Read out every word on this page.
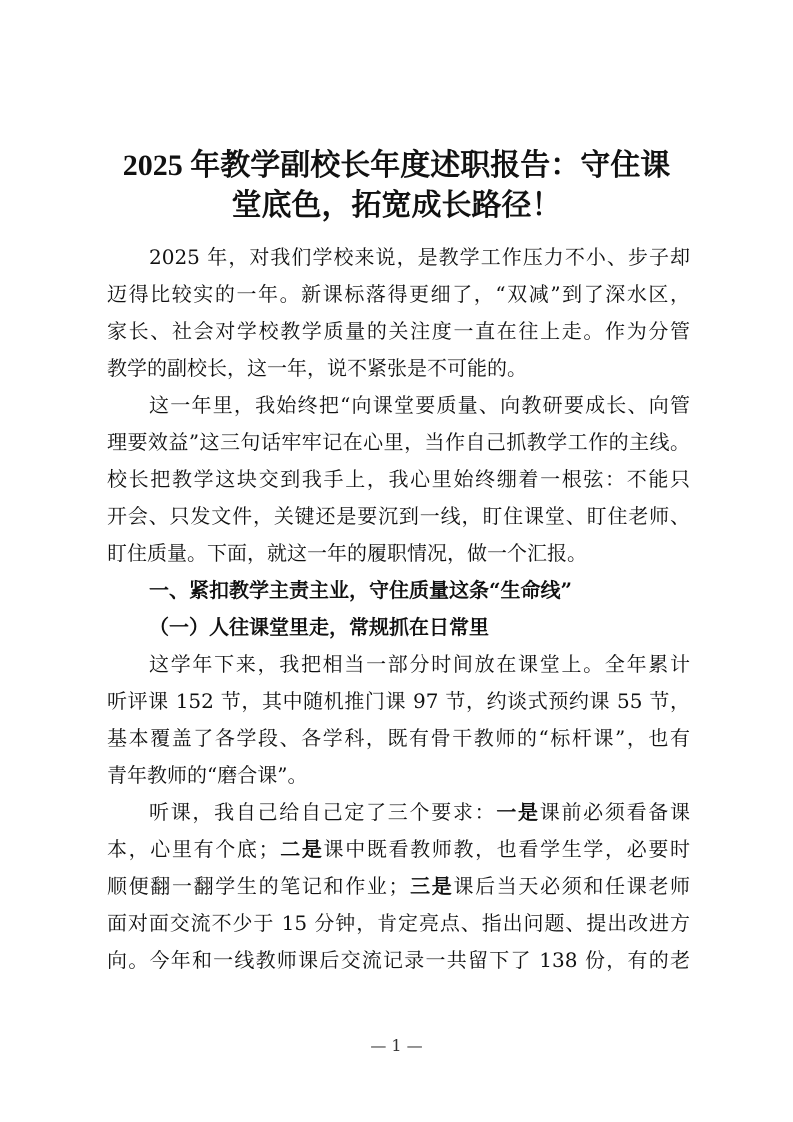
2025 年教学副校长年度述职报告：守住课
堂底色，拓宽成长路径！
2025 年，对我们学校来说，是教学工作压力不小、步子却
迈得比较实的一年。新课标落得更细了，“双减”到了深水区，
家长、社会对学校教学质量的关注度一直在往上走。作为分管
教学的副校长，这一年，说不紧张是不可能的。
这一年里，我始终把“向课堂要质量、向教研要成长、向管
理要效益”这三句话牢牢记在心里，当作自己抓教学工作的主线。
校长把教学这块交到我手上，我心里始终绷着一根弦：不能只
开会、只发文件，关键还是要沉到一线，盯住课堂、盯住老师、
盯住质量。下面，就这一年的履职情况，做一个汇报。
一、紧扣教学主责主业，守住质量这条“生命线”
（一）人往课堂里走，常规抓在日常里
这学年下来，我把相当一部分时间放在课堂上。全年累计
听评课 152 节，其中随机推门课 97 节，约谈式预约课 55 节，
基本覆盖了各学段、各学科，既有骨干教师的“标杆课”，也有
青年教师的“磨合课”。
听课，我自己给自己定了三个要求：一是课前必须看备课
本，心里有个底；二是课中既看教师教，也看学生学，必要时
顺便翻一翻学生的笔记和作业；三是课后当天必须和任课老师
面对面交流不少于 15 分钟，肯定亮点、指出问题、提出改进方
向。今年和一线教师课后交流记录一共留下了 138 份，有的老
— 1 —
